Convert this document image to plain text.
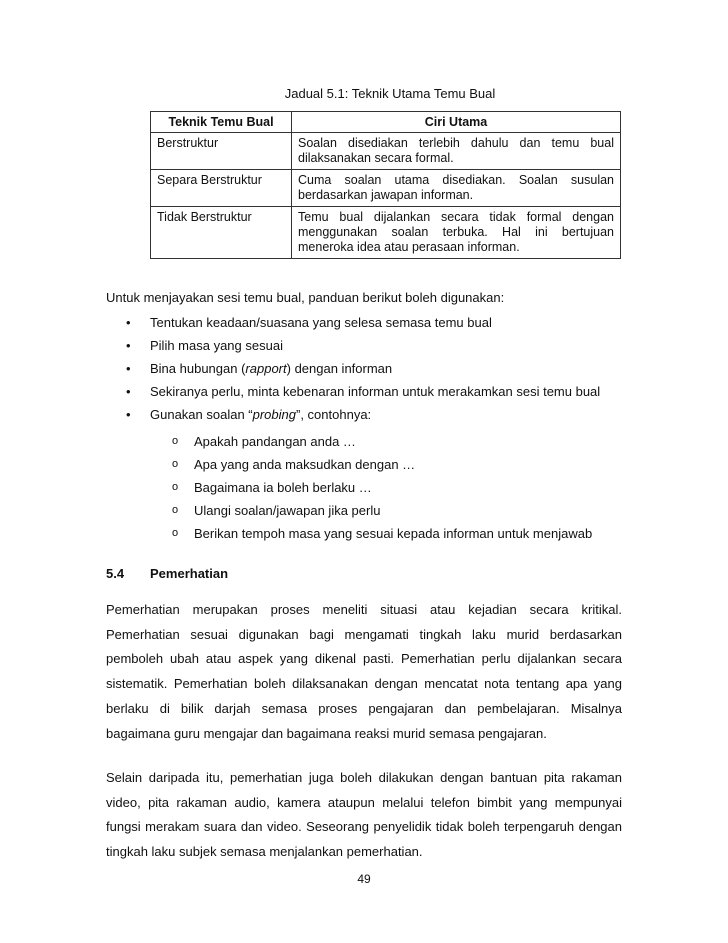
Jadual 5.1: Teknik Utama Temu Bual
Teknik Temu Bual	Ciri Utama
Berstruktur	Soalan disediakan terlebih dahulu dan temu bual dilaksanakan secara formal.
Separa Berstruktur	Cuma soalan utama disediakan. Soalan susulan berdasarkan jawapan informan.
Tidak Berstruktur	Temu bual dijalankan secara tidak formal dengan menggunakan soalan terbuka. Hal ini bertujuan meneroka idea atau perasaan informan.
Untuk menjayakan sesi temu bual, panduan berikut boleh digunakan:
• Tentukan keadaan/suasana yang selesa semasa temu bual
• Pilih masa yang sesuai
• Bina hubungan (rapport) dengan informan
• Sekiranya perlu, minta kebenaran informan untuk merakamkan sesi temu bual
• Gunakan soalan “probing”, contohnya:
o Apakah pandangan anda …
o Apa yang anda maksudkan dengan …
o Bagaimana ia boleh berlaku …
o Ulangi soalan/jawapan jika perlu
o Berikan tempoh masa yang sesuai kepada informan untuk menjawab
5.4 Pemerhatian
Pemerhatian merupakan proses meneliti situasi atau kejadian secara kritikal. Pemerhatian sesuai digunakan bagi mengamati tingkah laku murid berdasarkan pemboleh ubah atau aspek yang dikenal pasti. Pemerhatian perlu dijalankan secara sistematik. Pemerhatian boleh dilaksanakan dengan mencatat nota tentang apa yang berlaku di bilik darjah semasa proses pengajaran dan pembelajaran. Misalnya bagaimana guru mengajar dan bagaimana reaksi murid semasa pengajaran.
Selain daripada itu, pemerhatian juga boleh dilakukan dengan bantuan pita rakaman video, pita rakaman audio, kamera ataupun melalui telefon bimbit yang mempunyai fungsi merakam suara dan video. Seseorang penyelidik tidak boleh terpengaruh dengan tingkah laku subjek semasa menjalankan pemerhatian.
49
